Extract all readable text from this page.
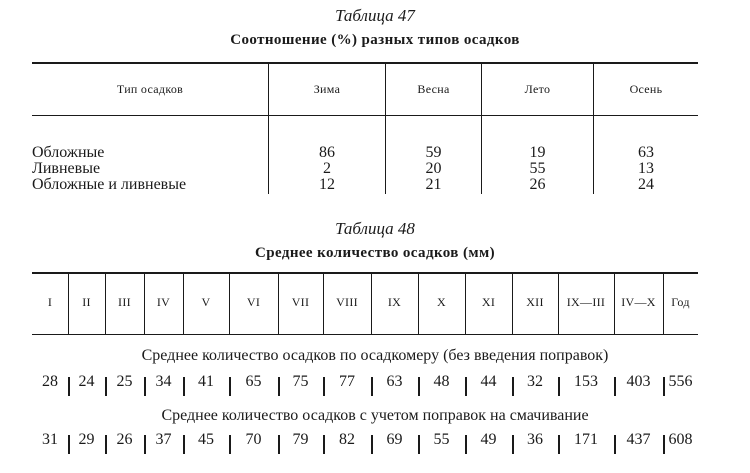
Таблица 47
Соотношение (%) разных типов осадков
Тип осадков	Зима	Весна	Лето	Осень
Обложные	86	59	19	63
Ливневые	2	20	55	13
Обложные и ливневые	12	21	26	24
Таблица 48
Среднее количество осадков (мм)
I	II	III	IV	V	VI	VII	VIII	IX	X	XI	XII	IX—III	IV—X	Год
Среднее количество осадков по осадкомеру (без введения поправок)
28	24	25	34	41	65	75	77	63	48	44	32	153	403	556
Среднее количество осадков с учетом поправок на смачивание
31	29	26	37	45	70	79	82	69	55	49	36	171	437	608
